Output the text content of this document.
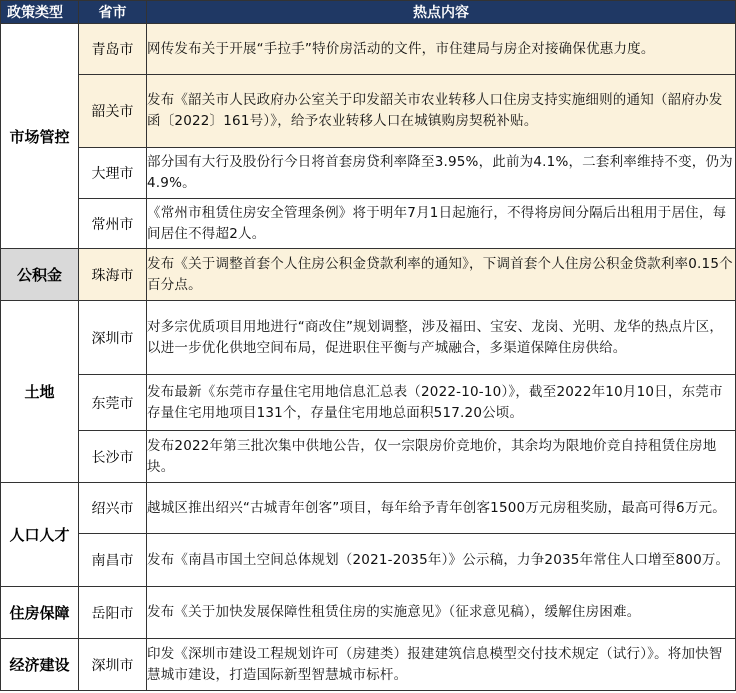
政策类型	省市	热点内容
市场管控	青岛市	网传发布关于开展“手拉手”特价房活动的文件，市住建局与房企对接确保优惠力度。
	韶关市	发布《韶关市人民政府办公室关于印发韶关市农业转移人口住房支持实施细则的通知（韶府办发函〔2022〕161号）》，给予农业转移人口在城镇购房契税补贴。
	大理市	部分国有大行及股份行今日将首套房贷利率降至3.95%，此前为4.1%，二套利率维持不变，仍为4.9%。
	常州市	《常州市租赁住房安全管理条例》将于明年7月1日起施行，不得将房间分隔后出租用于居住，每间居住不得超2人。
公积金	珠海市	发布《关于调整首套个人住房公积金贷款利率的通知》，下调首套个人住房公积金贷款利率0.15个百分点。
土地	深圳市	对多宗优质项目用地进行“商改住”规划调整，涉及福田、宝安、龙岗、光明、龙华的热点片区，以进一步优化供地空间布局，促进职住平衡与产城融合，多渠道保障住房供给。
	东莞市	发布最新《东莞市存量住宅用地信息汇总表（2022-10-10）》，截至2022年10月10日，东莞市存量住宅用地项目131个，存量住宅用地总面积517.20公顷。
	长沙市	发布2022年第三批次集中供地公告，仅一宗限房价竞地价，其余均为限地价竞自持租赁住房地块。
人口人才	绍兴市	越城区推出绍兴“古城青年创客”项目，每年给予青年创客1500万元房租奖励，最高可得6万元。
	南昌市	发布《南昌市国土空间总体规划（2021-2035年）》公示稿，力争2035年常住人口增至800万。
住房保障	岳阳市	发布《关于加快发展保障性租赁住房的实施意见》（征求意见稿），缓解住房困难。
经济建设	深圳市	印发《深圳市建设工程规划许可（房建类）报建建筑信息模型交付技术规定（试行）》。将加快智慧城市建设，打造国际新型智慧城市标杆。
